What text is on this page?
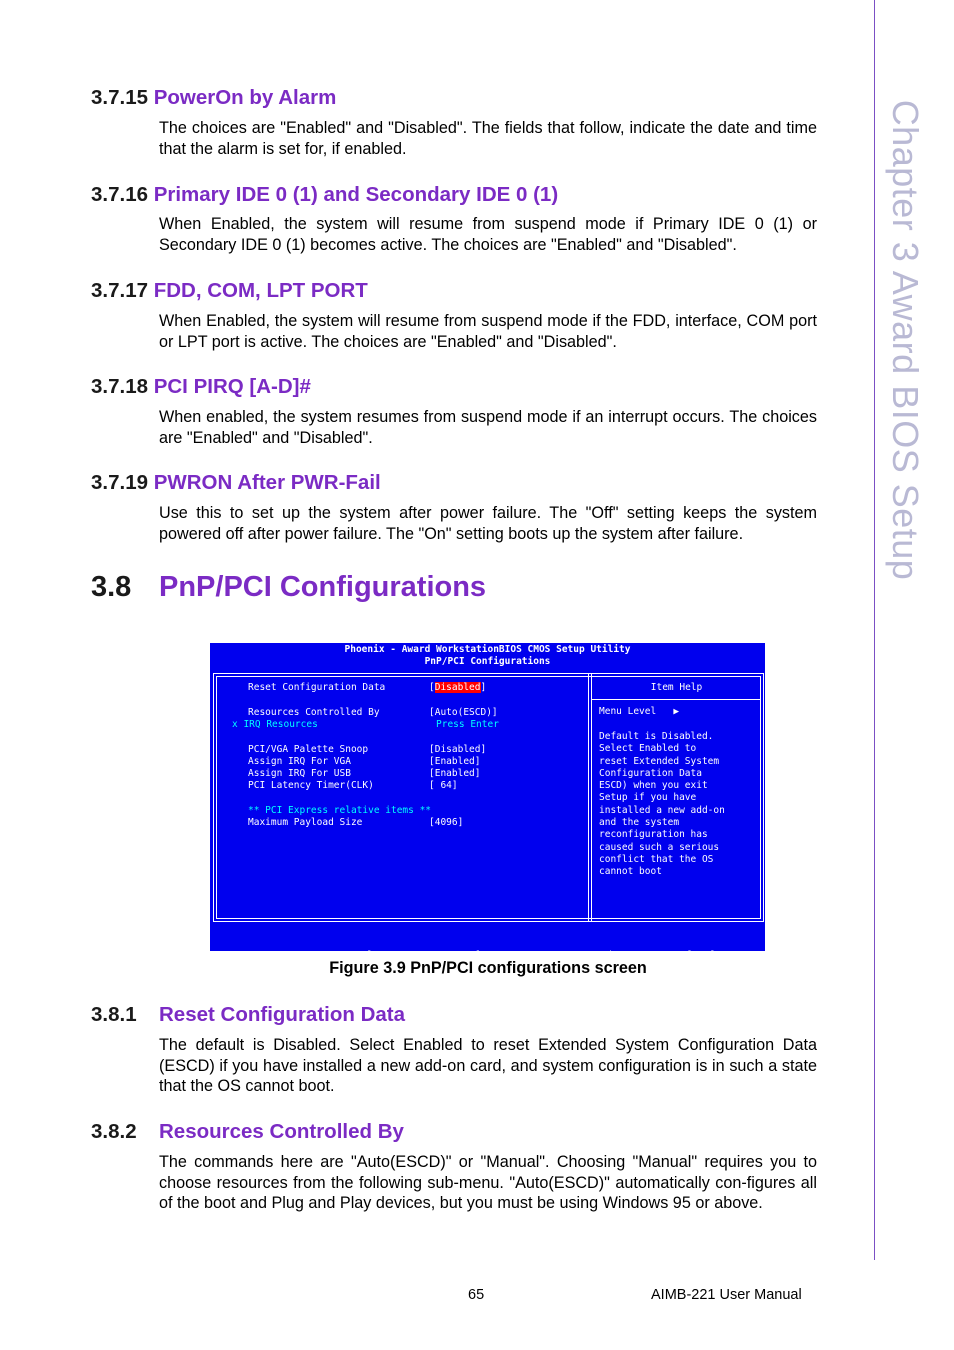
Chapter 3 Award BIOS Setup
3.7.15 PowerOn by Alarm

The choices are "Enabled" and "Disabled". The fields that follow, indicate the date and time that the alarm is set for, if enabled.

3.7.16 Primary IDE 0 (1) and Secondary IDE 0 (1)

When Enabled, the system will resume from suspend mode if Primary IDE 0 (1) or Secondary IDE 0 (1) becomes active. The choices are "Enabled" and "Disabled".

3.7.17 FDD, COM, LPT PORT

When Enabled, the system will resume from suspend mode if the FDD, interface, COM port or LPT port is active. The choices are "Enabled" and "Disabled".

3.7.18 PCI PIRQ [A-D]#

When enabled, the system resumes from suspend mode if an interrupt occurs. The choices are "Enabled" and "Disabled".

3.7.19 PWRON After PWR-Fail

Use this to set up the system after power failure. The "Off" setting keeps the system powered off after power failure. The "On" setting boots up the system after failure.

3.8 PnP/PCI Configurations
Phoenix - Award WorkstationBIOS CMOS Setup Utility
PnP/PCI Configurations
Item Help
Reset Configuration Data	[Disabled]
Resources Controlled By	[Auto(ESCD)]
x IRQ Resources	Press Enter
PCI/VGA Palette Snoop	[Disabled]
Assign IRQ For VGA	[Enabled]
Assign IRQ For USB	[Enabled]
PCI Latency Timer(CLK)	[ 64]
** PCI Express relative items **
Maximum Payload Size	[4096]
Menu Level   ▶
Default is Disabled.
Select Enabled to
reset Extended System
Configuration Data
ESCD) when you exit
Setup if you have
installed a new add-on
and the system
reconfiguration has
caused such a serious
conflict that the OS
cannot boot

↑↓→←:Move   Enter:Select   +/-/PU/PD:Value   F10:Save   ESC:Exit   F1:General Help

F5:Previous Values              F7: SetUp Defaults

Figure 3.9 PnP/PCI configurations screen
3.8.1 Reset Configuration Data

The default is Disabled. Select Enabled to reset Extended System Configuration Data (ESCD) if you have installed a new add-on card, and system configuration is in such a state that the OS cannot boot.

3.8.2 Resources Controlled By

The commands here are "Auto(ESCD)" or "Manual". Choosing "Manual" requires you to choose resources from the following sub-menu. "Auto(ESCD)" automatically con-figures all of the boot and Plug and Play devices, but you must be using Windows 95 or above.

65	AIMB-221 User Manual
